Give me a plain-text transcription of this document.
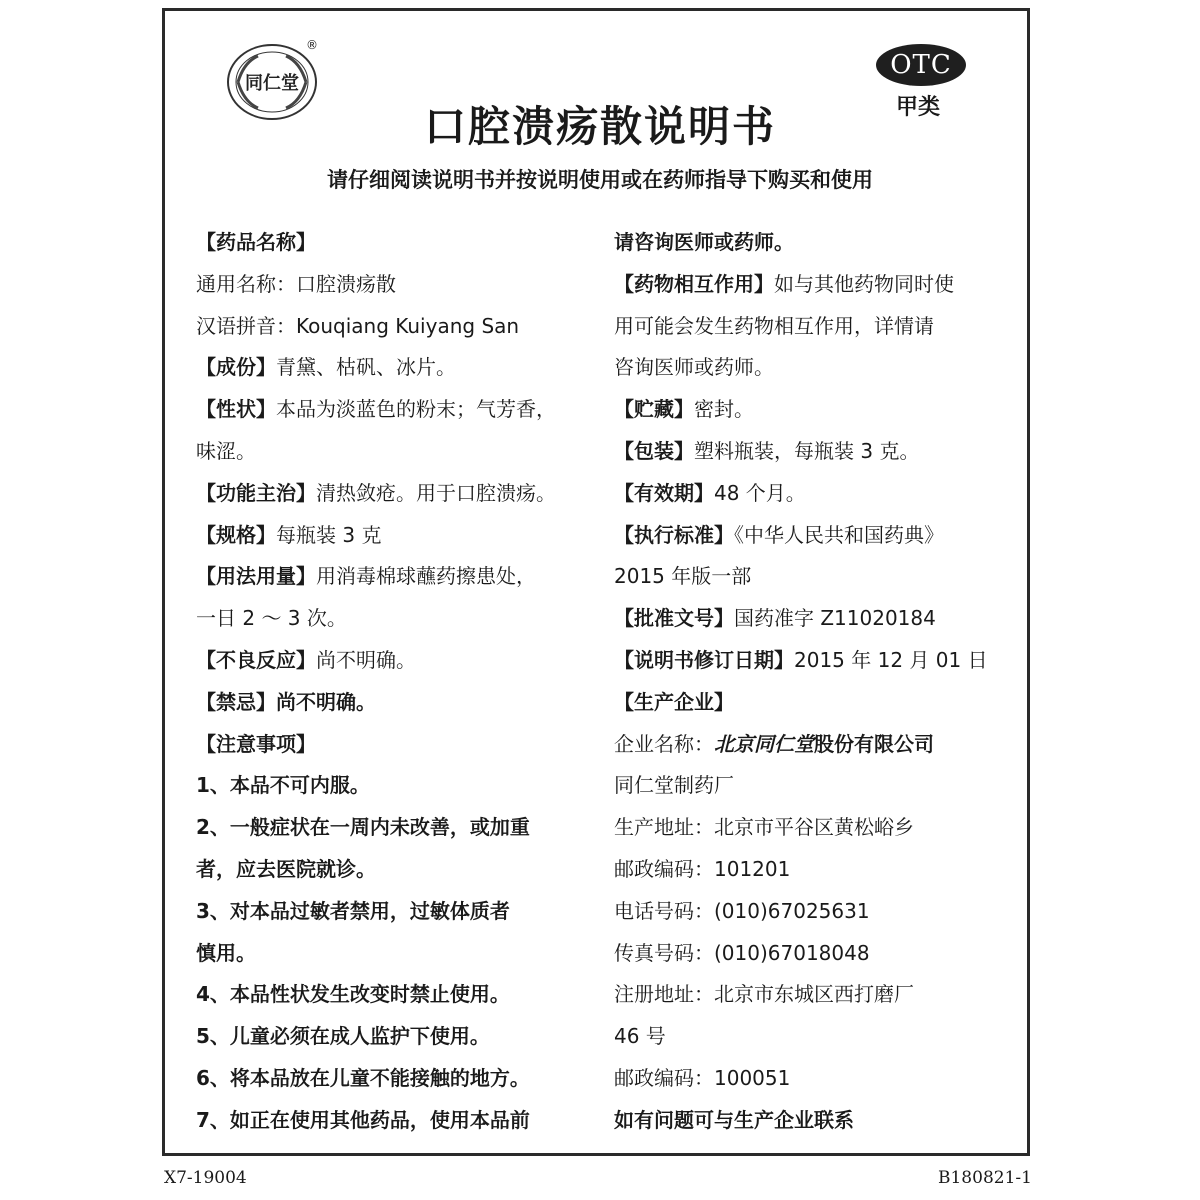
同仁堂
®
OTC
甲类
口腔溃疡散说明书
请仔细阅读说明书并按说明使用或在药师指导下购买和使用
【药品名称】
通用名称：口腔溃疡散
汉语拼音：Kouqiang Kuiyang San
【成份】青黛、枯矾、冰片。
【性状】本品为淡蓝色的粉末；气芳香，
味涩。
【功能主治】清热敛疮。用于口腔溃疡。
【规格】每瓶装 3 克
【用法用量】用消毒棉球蘸药擦患处，
一日 2 ～ 3 次。
【不良反应】尚不明确。
【禁忌】尚不明确。
【注意事项】
1、本品不可内服。
2、一般症状在一周内未改善，或加重
者，应去医院就诊。
3、对本品过敏者禁用，过敏体质者
慎用。
4、本品性状发生改变时禁止使用。
5、儿童必须在成人监护下使用。
6、将本品放在儿童不能接触的地方。
7、如正在使用其他药品，使用本品前
请咨询医师或药师。
【药物相互作用】如与其他药物同时使
用可能会发生药物相互作用，详情请
咨询医师或药师。
【贮藏】密封。
【包装】塑料瓶装，每瓶装 3 克。
【有效期】48 个月。
【执行标准】《中华人民共和国药典》
2015 年版一部
【批准文号】国药准字 Z11020184
【说明书修订日期】2015 年 12 月 01 日
【生产企业】
企业名称：北京同仁堂股份有限公司
同仁堂制药厂
生产地址：北京市平谷区黄松峪乡
邮政编码：101201
电话号码：(010)67025631
传真号码：(010)67018048
注册地址：北京市东城区西打磨厂
46 号
邮政编码：100051
如有问题可与生产企业联系
X7-19004	B180821-1
